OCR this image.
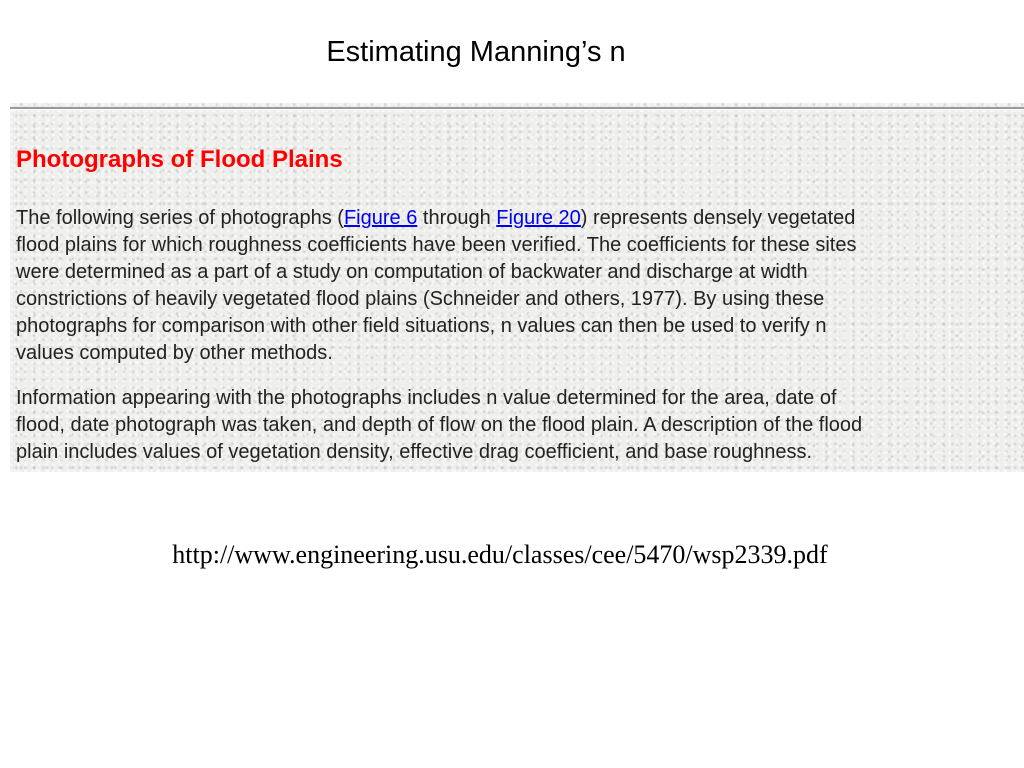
Estimating Manning’s n
Photographs of Flood Plains

The following series of photographs (Figure 6 through Figure 20) represents densely vegetated
flood plains for which roughness coefficients have been verified. The coefficients for these sites
were determined as a part of a study on computation of backwater and discharge at width
constrictions of heavily vegetated flood plains (Schneider and others, 1977). By using these
photographs for comparison with other field situations, n values can then be used to verify n
values computed by other methods.

Information appearing with the photographs includes n value determined for the area, date of
flood, date photograph was taken, and depth of flow on the flood plain. A description of the flood
plain includes values of vegetation density, effective drag coefficient, and base roughness.

http://www.engineering.usu.edu/classes/cee/5470/wsp2339.pdf
